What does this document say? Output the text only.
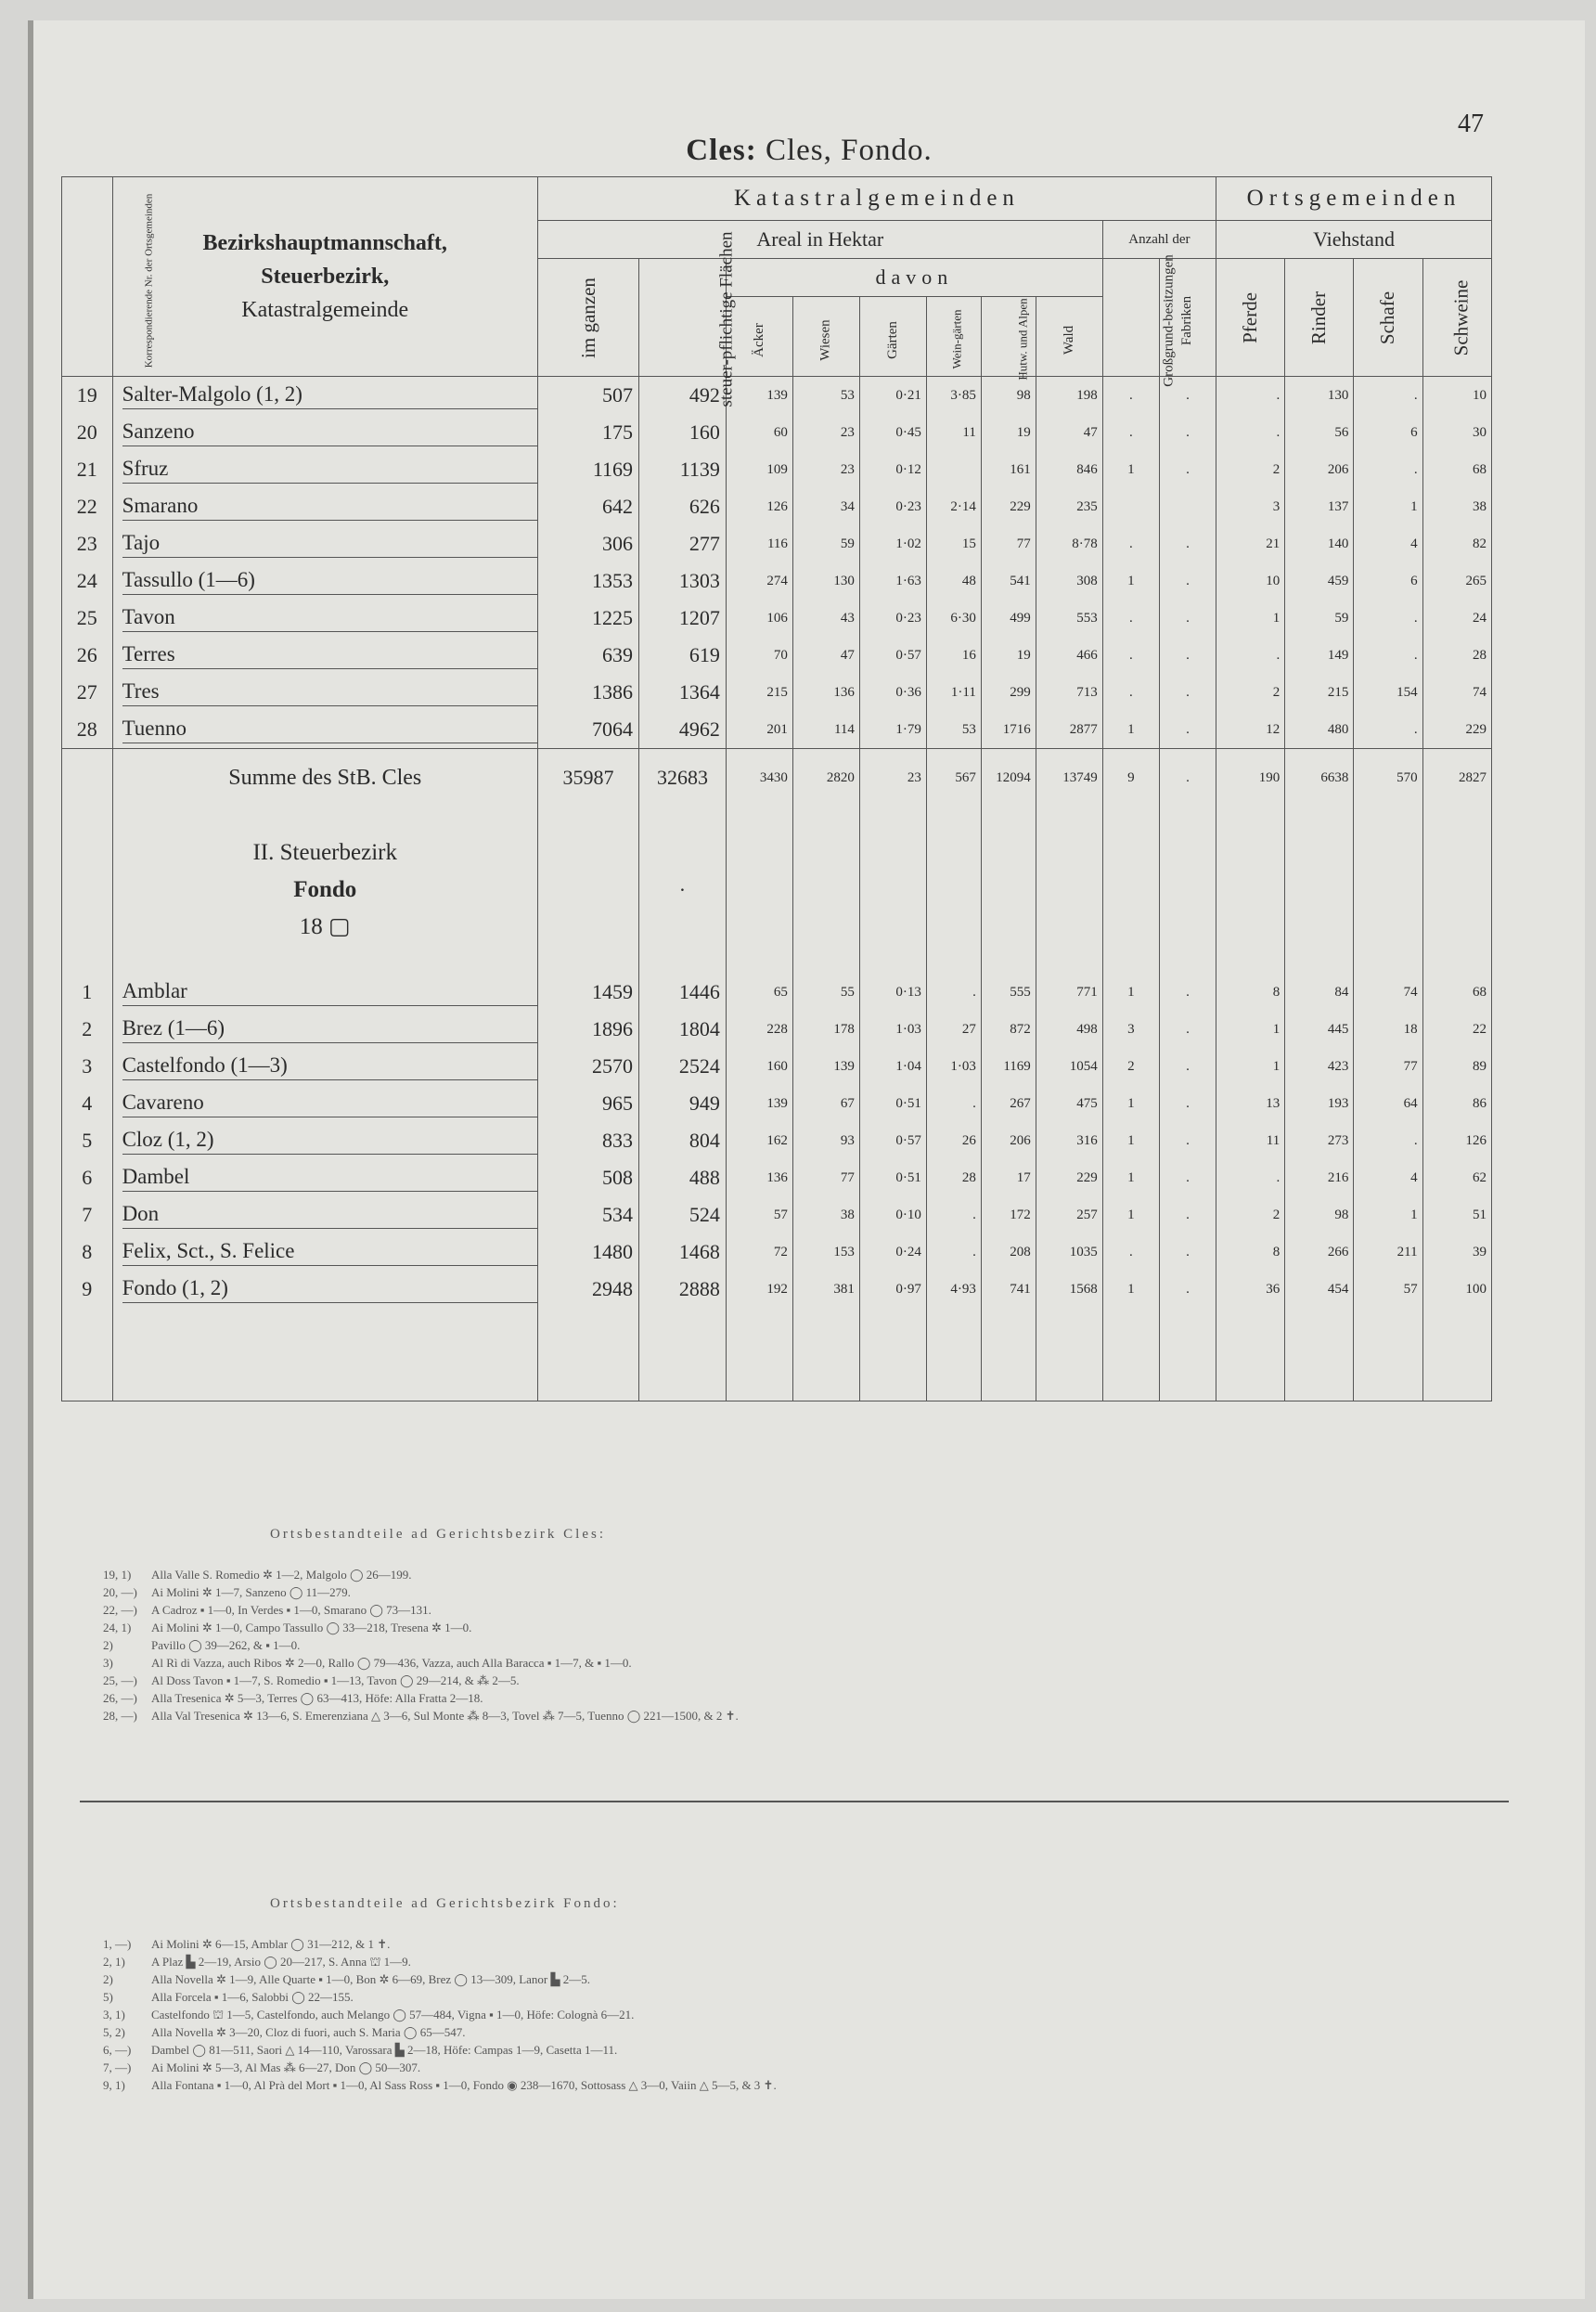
47
Cles: Cles, Fondo.
Korrespondierende Nr. der Ortsgemeinden	Bezirkshauptmannschaft,
Steuerbezirk,
Katastralgemeinde	Katastralgemeinden										Ortsgemeinden			
		Areal in Hektar								Anzahl der		Viehstand			
		im ganzen	steuer-pflichtige Flächen	davon						Großgrund-besitzungen	Fabriken	Pferde	Rinder	Schafe	Schweine
				Äcker	Wiesen	Gärten	Wein-gärten	Hutw. und Alpen	Wald						
19	Salter-Malgolo (1, 2)	507	492	139	53	0·21	3·85	98	198	.	.	.	130	.	10
20	Sanzeno	175	160	60	23	0·45	11	19	47	.	.	.	56	6	30
21	Sfruz	1169	1139	109	23	0·12		161	846	1	.	2	206	.	68
22	Smarano	642	626	126	34	0·23	2·14	229	235			3	137	1	38
23	Tajo	306	277	116	59	1·02	15	77	8·78	.	.	21	140	4	82
24	Tassullo (1—6)	1353	1303	274	130	1·63	48	541	308	1	.	10	459	6	265
25	Tavon	1225	1207	106	43	0·23	6·30	499	553	.	.	1	59	.	24
26	Terres	639	619	70	47	0·57	16	19	466	.	.	.	149	.	28
27	Tres	1386	1364	215	136	0·36	1·11	299	713	.	.	2	215	154	74
28	Tuenno	7064	4962	201	114	1·79	53	1716	2877	1	.	12	480	.	229
	Summe des StB. Cles	35987	32683	3430	2820	23	567	12094	13749	9	.	190	6638	570	2827
	II. Steuerbezirk
Fondo
18 ▢		·												
1	Amblar	1459	1446	65	55	0·13	.	555	771	1	.	8	84	74	68
2	Brez (1—6)	1896	1804	228	178	1·03	27	872	498	3	.	1	445	18	22
3	Castelfondo (1—3)	2570	2524	160	139	1·04	1·03	1169	1054	2	.	1	423	77	89
4	Cavareno	965	949	139	67	0·51	.	267	475	1	.	13	193	64	86
5	Cloz (1, 2)	833	804	162	93	0·57	26	206	316	1	.	11	273	.	126
6	Dambel	508	488	136	77	0·51	28	17	229	1	.	.	216	4	62
7	Don	534	524	57	38	0·10	.	172	257	1	.	2	98	1	51
8	Felix, Sct., S. Felice	1480	1468	72	153	0·24	.	208	1035	.	.	8	266	211	39
9	Fondo (1, 2)	2948	2888	192	381	0·97	4·93	741	1568	1	.	36	454	57	100

Ortsbestandteile ad Gerichtsbezirk Cles:
19, 1) Alla Valle S. Romedio ✲ 1—2, Malgolo ◯ 26—199.
20, —) Ai Molini ✲ 1—7, Sanzeno ◯ 11—279.
22, —) A Cadroz ▪ 1—0, In Verdes ▪ 1—0, Smarano ◯ 73—131.
24, 1) Ai Molini ✲ 1—0, Campo Tassullo ◯ 33—218, Tresena ✲ 1—0.
2)	Pavillo ◯ 39—262, & ▪ 1—0.
3)	Al Rì di Vazza, auch Ribos ✲ 2—0, Rallo ◯ 79—436, Vazza, auch Alla Baracca ▪ 1—7, & ▪ 1—0.
25, —) Al Doss Tavon ▪ 1—7, S. Romedio ▪ 1—13, Tavon ◯ 29—214, & ⁂ 2—5.
26, —) Alla Tresenica ✲ 5—3, Terres ◯ 63—413, Höfe: Alla Fratta 2—18.
28, —) Alla Val Tresenica ✲ 13—6, S. Emerenziana △ 3—6, Sul Monte ⁂ 8—3, Tovel ⁂ 7—5, Tuenno ◯ 221—1500, & 2 ✝.
Ortsbestandteile ad Gerichtsbezirk Fondo:
1, —) Ai Molini ✲ 6—15, Amblar ◯ 31—212, & 1 ✝.
2, 1) A Plaz ▙ 2—19, Arsio ◯ 20—217, S. Anna ⛫ 1—9.
2)	Alla Novella ✲ 1—9, Alle Quarte ▪ 1—0, Bon ✲ 6—69, Brez ◯ 13—309, Lanor ▙ 2—5.
5)	Alla Forcela ▪ 1—6, Salobbi ◯ 22—155.
3, 1) Castelfondo ⛫ 1—5, Castelfondo, auch Melango ◯ 57—484, Vigna ▪ 1—0, Höfe: Colognà 6—21.
5, 2) Alla Novella ✲ 3—20, Cloz di fuori, auch S. Maria ◯ 65—547.
6, —) Dambel ◯ 81—511, Saori △ 14—110, Varossara ▙ 2—18, Höfe: Campas 1—9, Casetta 1—11.
7, —) Ai Molini ✲ 5—3, Al Mas ⁂ 6—27, Don ◯ 50—307.
9, 1) Alla Fontana ▪ 1—0, Al Prà del Mort ▪ 1—0, Al Sass Ross ▪ 1—0, Fondo ◉ 238—1670, Sottosass △ 3—0, Vaiin △ 5—5, & 3 ✝.
